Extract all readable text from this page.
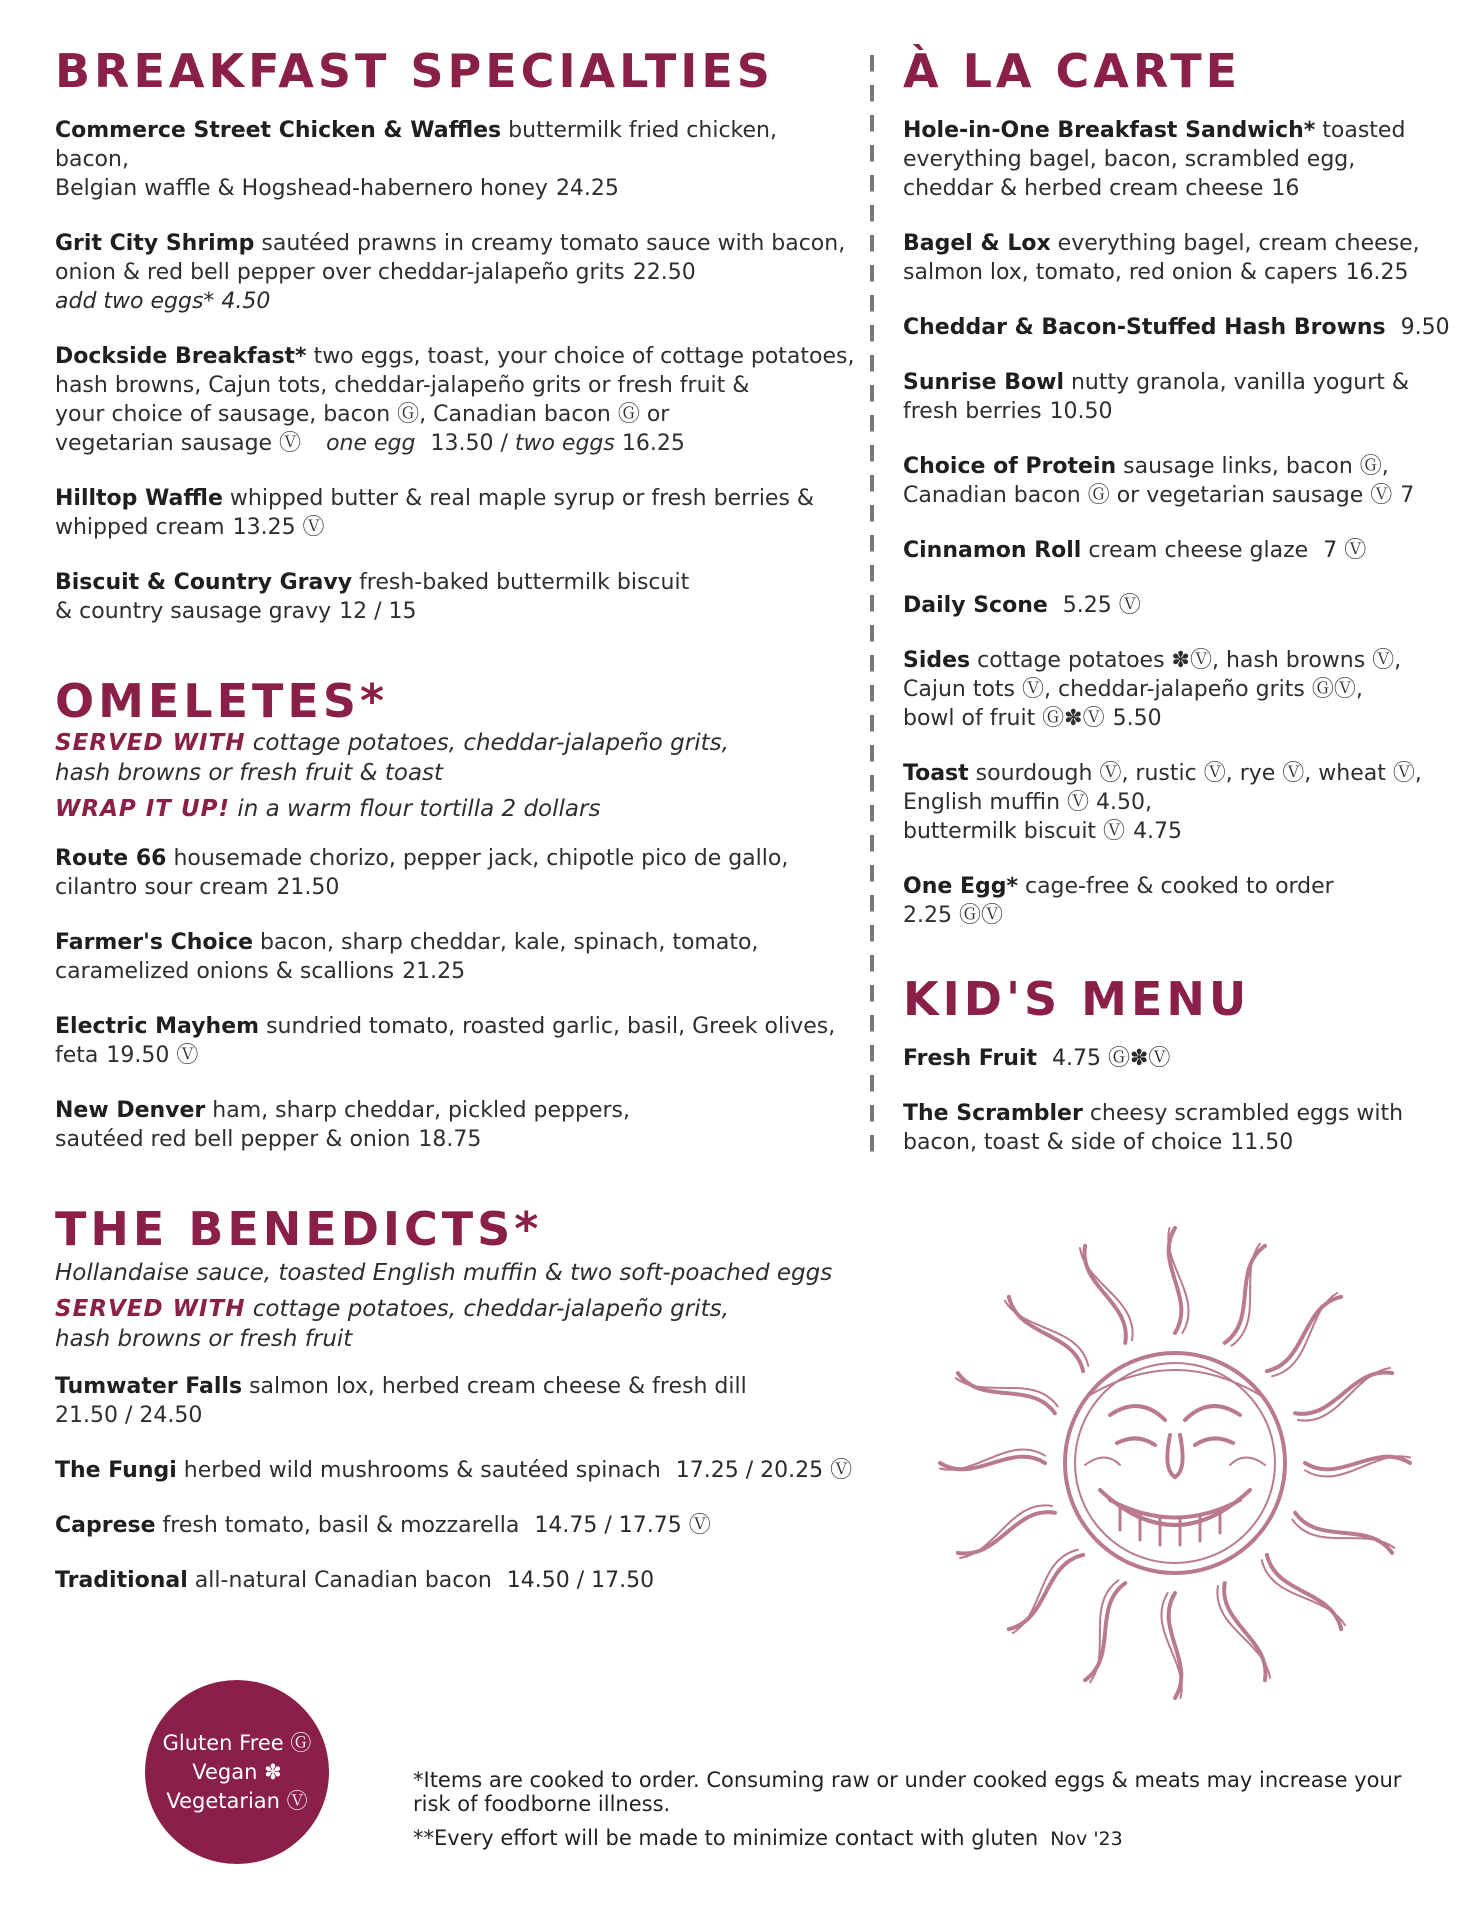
BREAKFAST SPECIALTIES
Commerce Street Chicken & Waffles buttermilk fried chicken, bacon,
Belgian waffle & Hogshead-habernero honey 24.25
Grit City Shrimp sautéed prawns in creamy tomato sauce with bacon,
onion & red bell pepper over cheddar-jalapeño grits 22.50
add two eggs* 4.50
Dockside Breakfast* two eggs, toast, your choice of cottage potatoes,
hash browns, Cajun tots, cheddar-jalapeño grits or fresh fruit &
your choice of sausage, bacon Ⓖ, Canadian bacon Ⓖ or
vegetarian sausage Ⓥ one egg 13.50 / two eggs 16.25
Hilltop Waffle whipped butter & real maple syrup or fresh berries &
whipped cream 13.25 Ⓥ
Biscuit & Country Gravy fresh-baked buttermilk biscuit
& country sausage gravy 12 / 15
OMELETES*
SERVED WITH cottage potatoes, cheddar-jalapeño grits,
hash browns or fresh fruit & toast
WRAP IT UP! in a warm flour tortilla 2 dollars
Route 66 housemade chorizo, pepper jack, chipotle pico de gallo,
cilantro sour cream 21.50
Farmer's Choice bacon, sharp cheddar, kale, spinach, tomato,
caramelized onions & scallions 21.25
Electric Mayhem sundried tomato, roasted garlic, basil, Greek olives,
feta 19.50 Ⓥ
New Denver ham, sharp cheddar, pickled peppers,
sautéed red bell pepper & onion 18.75
THE BENEDICTS*
Hollandaise sauce, toasted English muffin & two soft-poached eggs
SERVED WITH cottage potatoes, cheddar-jalapeño grits,
hash browns or fresh fruit
Tumwater Falls salmon lox, herbed cream cheese & fresh dill
21.50 / 24.50
The Fungi herbed wild mushrooms & sautéed spinach 17.25 / 20.25 Ⓥ
Caprese fresh tomato, basil & mozzarella 14.75 / 17.75 Ⓥ
Traditional all-natural Canadian bacon 14.50 / 17.50
À LA CARTE
Hole-in-One Breakfast Sandwich* toasted
everything bagel, bacon, scrambled egg,
cheddar & herbed cream cheese 16
Bagel & Lox everything bagel, cream cheese,
salmon lox, tomato, red onion & capers 16.25
Cheddar & Bacon-Stuffed Hash Browns 9.50
Sunrise Bowl nutty granola, vanilla yogurt &
fresh berries 10.50
Choice of Protein sausage links, bacon Ⓖ,
Canadian bacon Ⓖ or vegetarian sausage Ⓥ 7
Cinnamon Roll cream cheese glaze 7 Ⓥ
Daily Scone 5.25 Ⓥ
Sides cottage potatoes ✽Ⓥ, hash browns Ⓥ,
Cajun tots Ⓥ, cheddar-jalapeño grits ⒼⓋ,
bowl of fruit Ⓖ✽Ⓥ 5.50
Toast sourdough Ⓥ, rustic Ⓥ, rye Ⓥ, wheat Ⓥ,
English muffin Ⓥ 4.50,
buttermilk biscuit Ⓥ 4.75
One Egg* cage-free & cooked to order
2.25 ⒼⓋ
KID'S MENU
Fresh Fruit 4.75 Ⓖ✽Ⓥ
The Scrambler cheesy scrambled eggs with
bacon, toast & side of choice 11.50
Gluten Free Ⓖ
Vegan ✽
Vegetarian Ⓥ

*Items are cooked to order. Consuming raw or under cooked eggs & meats may increase your risk of foodborne illness.

**Every effort will be made to minimize contact with gluten Nov '23
